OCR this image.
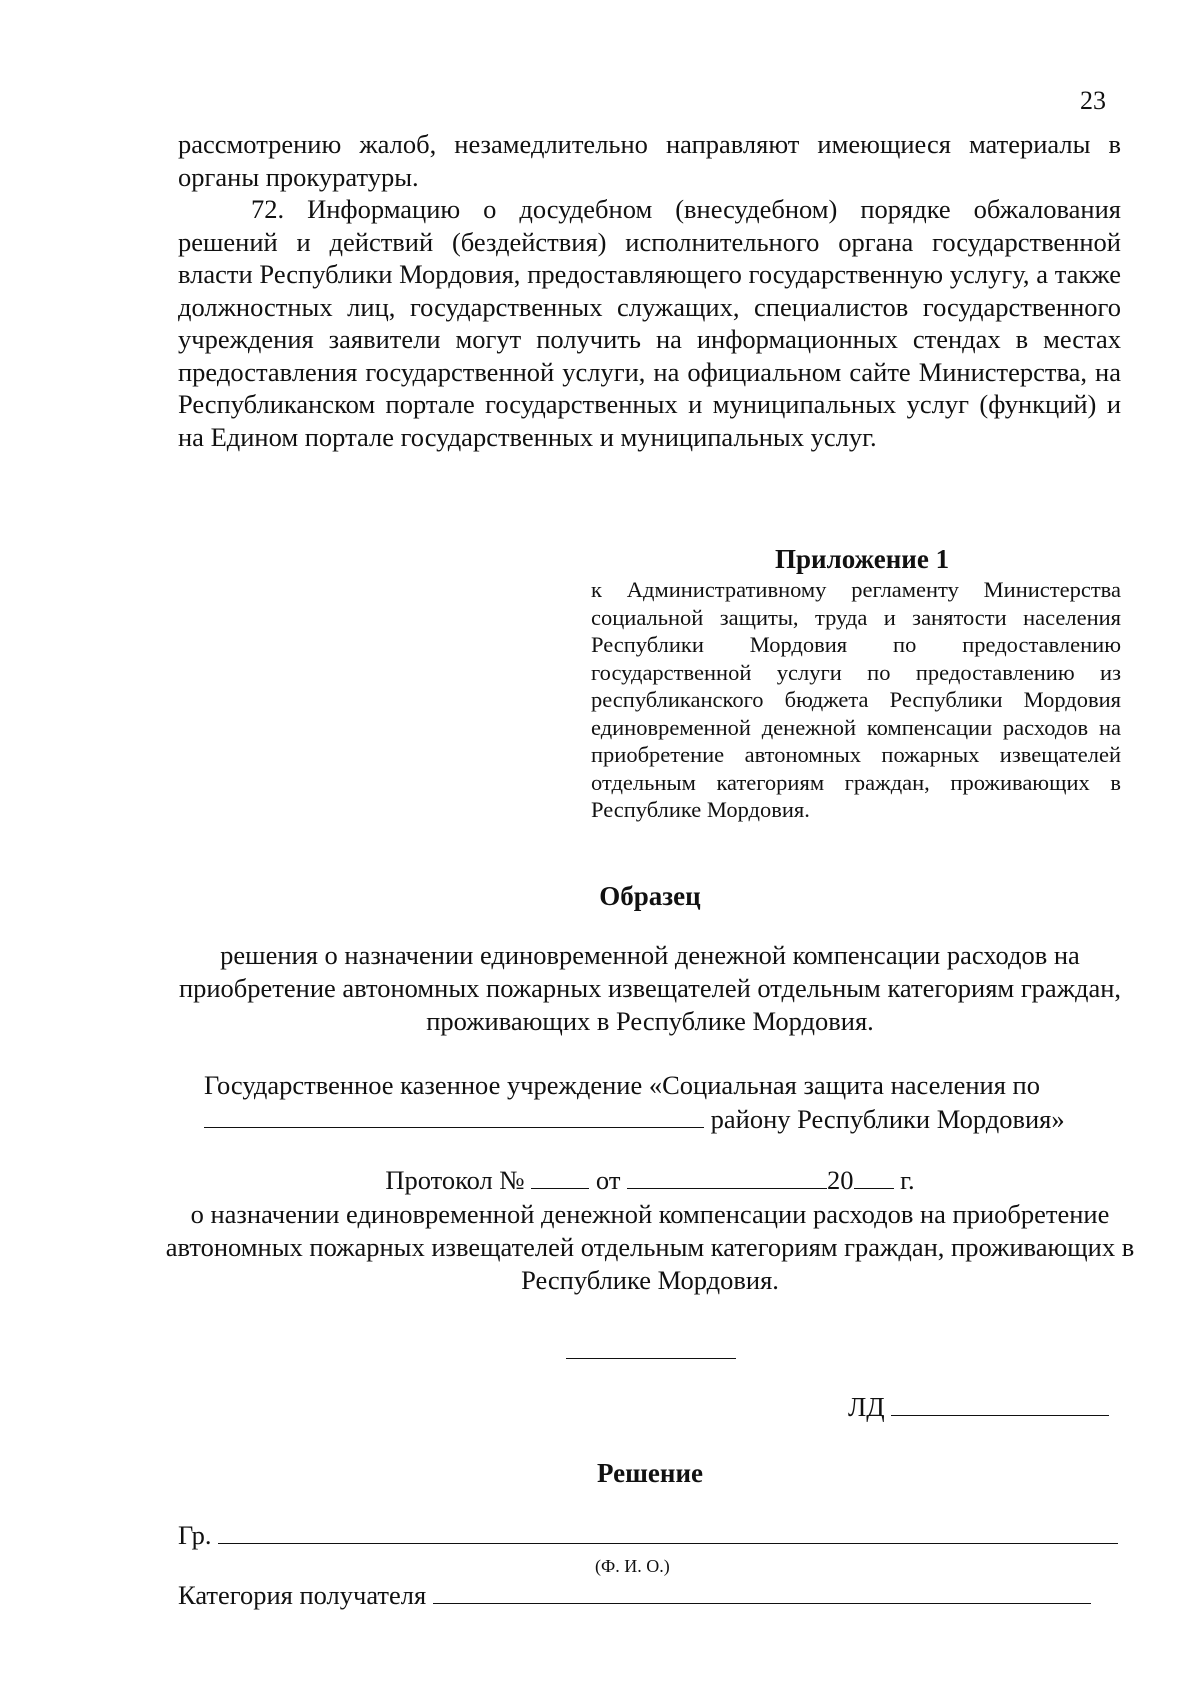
23
рассмотрению жалоб, незамедлительно направляют имеющиеся материалы в органы прокуратуры.
72. Информацию о досудебном (внесудебном) порядке обжалования решений и действий (бездействия) исполнительного органа государственной власти Республики Мордовия, предоставляющего государственную услугу, а также должностных лиц, государственных служащих, специалистов государственного учреждения заявители могут получить на информационных стендах в местах предоставления государственной услуги, на официальном сайте Министерства, на Республиканском портале государственных и муниципальных услуг (функций) и на Едином портале государственных и муниципальных услуг.
Приложение 1
к Административному регламенту Министерства социальной защиты, труда и занятости населения Республики Мордовия по предоставлению государственной услуги по предоставлению из республиканского бюджета Республики Мордовия единовременной денежной компенсации расходов на приобретение автономных пожарных извещателей отдельным категориям граждан, проживающих в Республике Мордовия.
Образец
решения о назначении единовременной денежной компенсации расходов на приобретение автономных пожарных извещателей отдельным категориям граждан, проживающих в Республике Мордовия.
Государственное казенное учреждение «Социальная защита населения по
району Республики Мордовия»
Протокол №	от	20 г.
о назначении единовременной денежной компенсации расходов на приобретение автономных пожарных извещателей отдельным категориям граждан, проживающих в Республике Мордовия.
ЛД
Решение
Гр.
(Ф. И. О.)
Категория получателя
